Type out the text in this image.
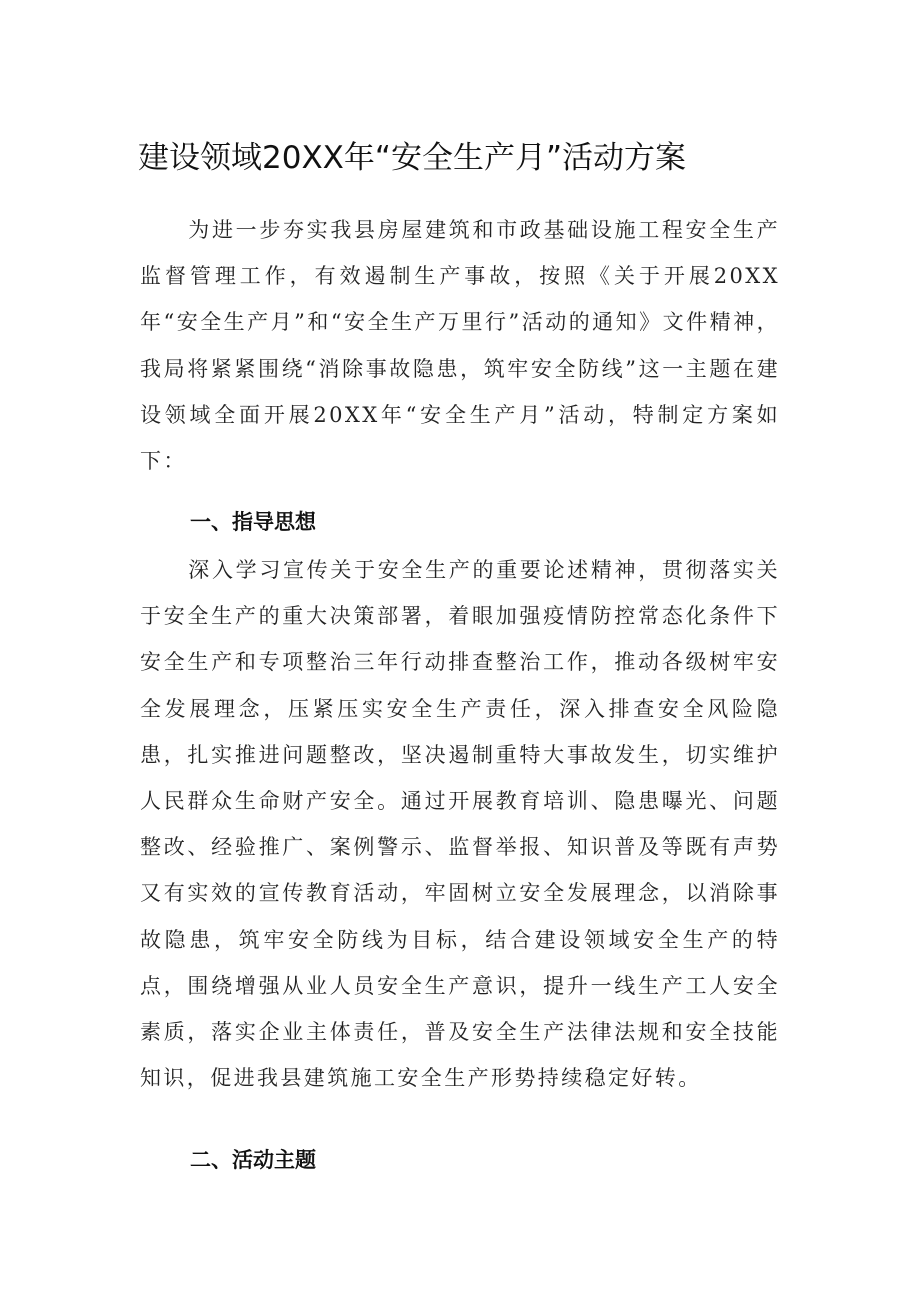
建设领域20XX年“安全生产月”活动方案
为进一步夯实我县房屋建筑和市政基础设施工程安全生产监督管理工作，有效遏制生产事故，按照《关于开展20XX年“安全生产月”和“安全生产万里行”活动的通知》文件精神，我局将紧紧围绕“消除事故隐患，筑牢安全防线”这一主题在建设领域全面开展20XX年“安全生产月”活动，特制定方案如下：
一、指导思想
深入学习宣传关于安全生产的重要论述精神，贯彻落实关于安全生产的重大决策部署，着眼加强疫情防控常态化条件下安全生产和专项整治三年行动排查整治工作，推动各级树牢安全发展理念，压紧压实安全生产责任，深入排查安全风险隐患，扎实推进问题整改，坚决遏制重特大事故发生，切实维护人民群众生命财产安全。通过开展教育培训、隐患曝光、问题整改、经验推广、案例警示、监督举报、知识普及等既有声势又有实效的宣传教育活动，牢固树立安全发展理念，以消除事故隐患，筑牢安全防线为目标，结合建设领域安全生产的特点，围绕增强从业人员安全生产意识，提升一线生产工人安全素质，落实企业主体责任，普及安全生产法律法规和安全技能知识，促进我县建筑施工安全生产形势持续稳定好转。
二、活动主题
